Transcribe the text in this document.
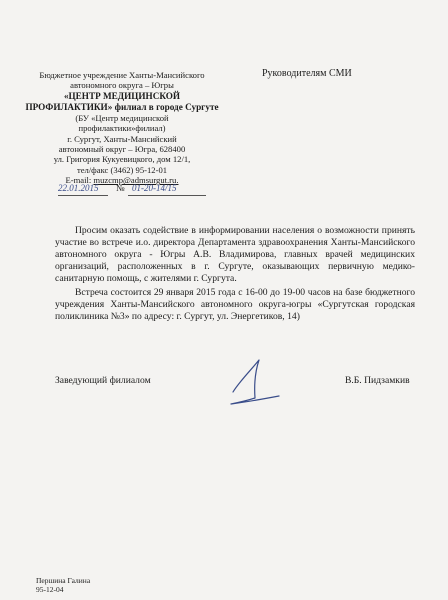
Бюджетное учреждение Ханты-Мансийского
автономного округа – Югры
«ЦЕНТР МЕДИЦИНСКОЙ
ПРОФИЛАКТИКИ» филиал в городе Сургуте
(БУ «Центр медицинской
профилактики»филиал)
г. Сургут, Ханты-Мансийский
автономный округ – Югра, 628400
ул. Григория Кукуевицкого, дом 12/1,
тел/факс (3462) 95-12-01
E-mail: muzcmp@admsurgut.ru.
22.01.2015 № 01-20-14/15
Руководителям СМИ

Просим оказать содействие в информировании населения о возможности принять участие во встрече и.о. директора Департамента здравоохранения Ханты-Мансийского автономного округа - Югры А.В. Владимирова, главных врачей медицинских организаций, расположенных в г. Сургуте, оказывающих первичную медико-санитарную помощь, с жителями г. Сургута.

Встреча состоится 29 января 2015 года с 16-00 до 19-00 часов на базе бюджетного учреждения Ханты-Мансийского автономного округа-югры «Сургутская городская поликлиника №3» по адресу: г. Сургут, ул. Энергетиков, 14)

Заведующий филиалом	В.Б. Пидзамкив
Першина Галина
95-12-04
